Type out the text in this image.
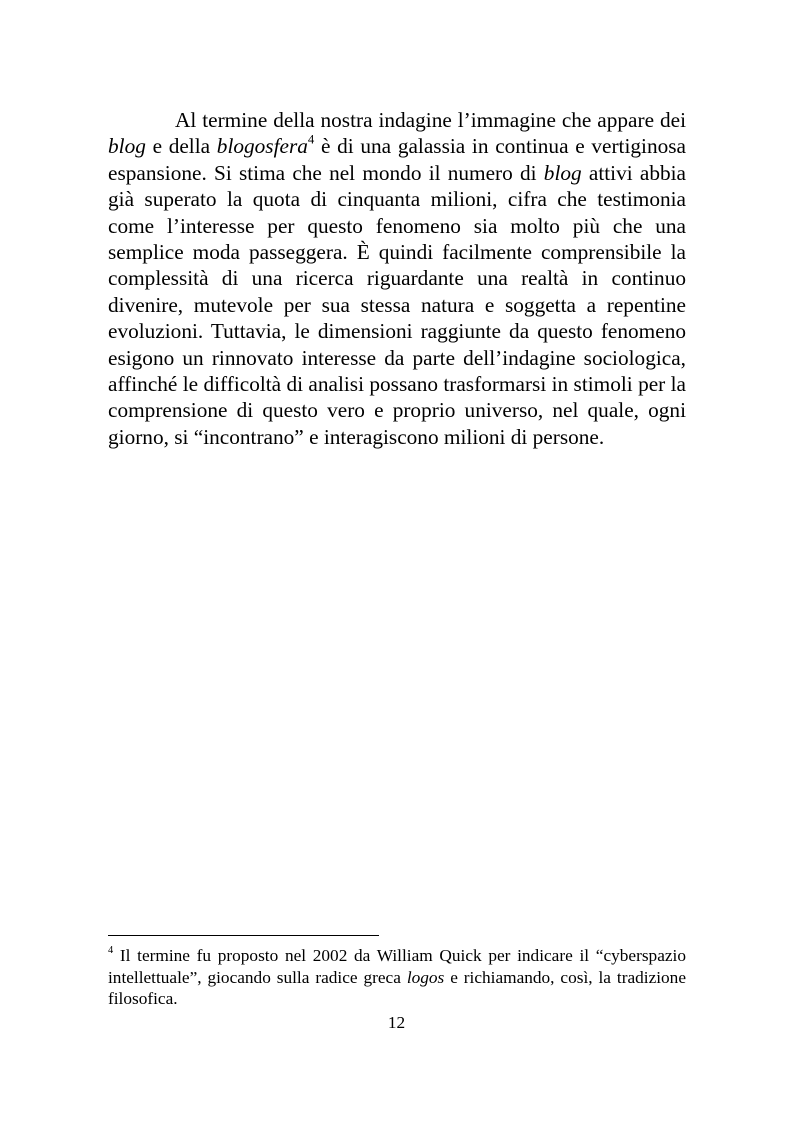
Al termine della nostra indagine l’immagine che appare dei blog e della blogosfera$^4$ è di una galassia in continua e vertiginosa espansione. Si stima che nel mondo il numero di blog attivi abbia già superato la quota di cinquanta milioni, cifra che testimonia come l’interesse per questo fenomeno sia molto più che una semplice moda passeggera. È quindi facilmente comprensibile la complessità di una ricerca riguardante una realtà in continuo divenire, mutevole per sua stessa natura e soggetta a repentine evoluzioni. Tuttavia, le dimensioni raggiunte da questo fenomeno esigono un rinnovato interesse da parte dell’indagine sociologica, affinché le difficoltà di analisi possano trasformarsi in stimoli per la comprensione di questo vero e proprio universo, nel quale, ogni giorno, si “incontrano” e interagiscono milioni di persone.

$^4$ Il termine fu proposto nel 2002 da William Quick per indicare il “cyberspazio intellettuale”, giocando sulla radice greca logos e richiamando, così, la tradizione filosofica.

12
